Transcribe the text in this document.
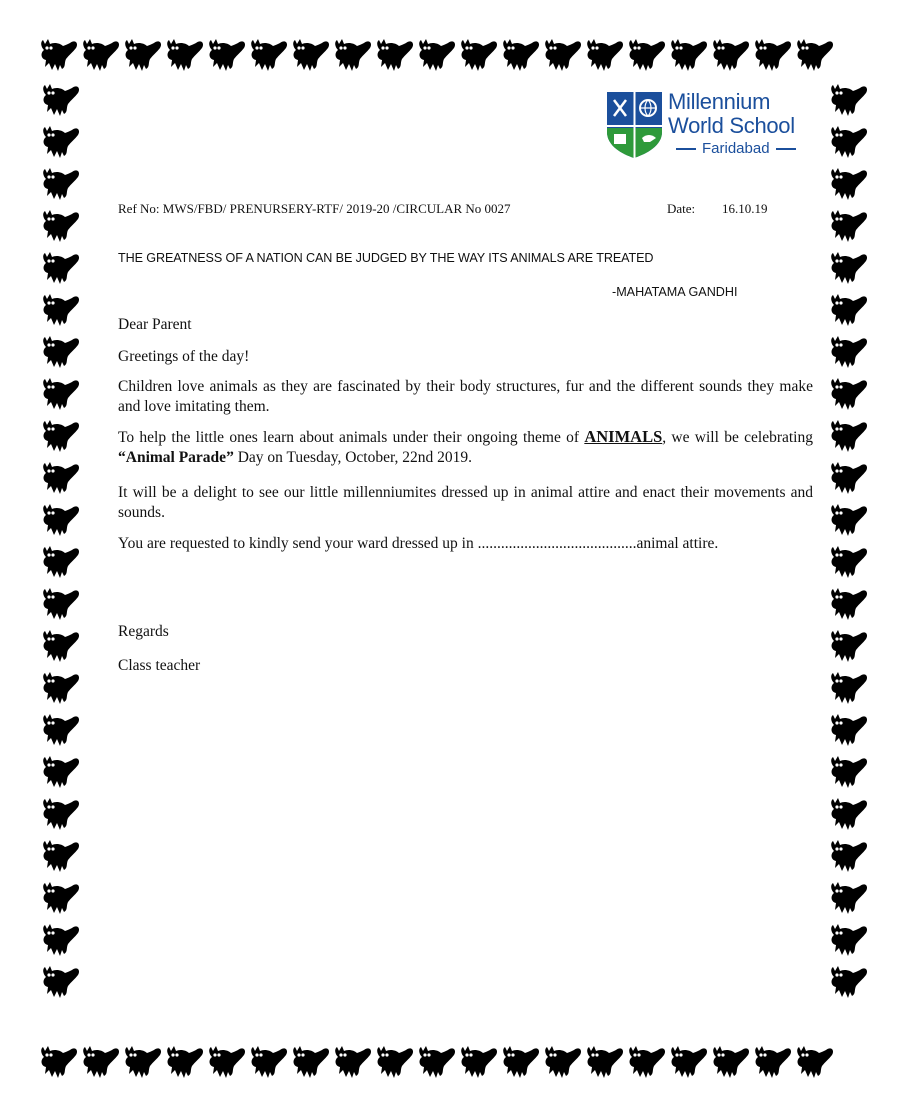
Millennium
World School
Faridabad
Ref No: MWS/FBD/ PRENURSERY-RTF/ 2019-20 /CIRCULAR No 0027	Date: 16.10.19
THE GREATNESS OF A NATION CAN BE JUDGED BY THE WAY ITS ANIMALS ARE TREATED
-MAHATAMA GANDHI
Dear Parent
Greetings of the day!
Children love animals as they are fascinated by their body structures, fur and the different sounds they make and love imitating them.
To help the little ones learn about animals under their ongoing theme of ANIMALS, we will be celebrating “Animal Parade” Day on Tuesday, October, 22nd 2019.
It will be a delight to see our little millenniumites dressed up in animal attire and enact their movements and sounds.
You are requested to kindly send your ward dressed up in .........................................animal attire.
Regards
Class teacher
